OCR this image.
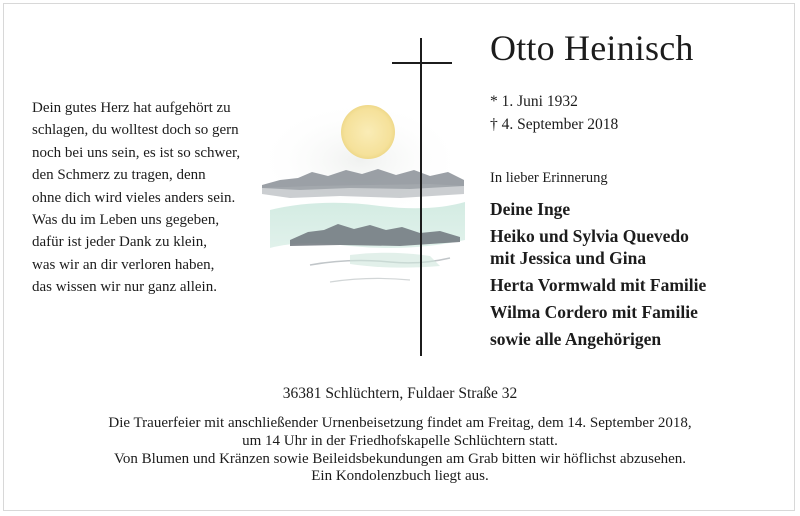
Dein gutes Herz hat aufgehört zu
schlagen, du wolltest doch so gern
noch bei uns sein, es ist so schwer,
den Schmerz zu tragen, denn
ohne dich wird vieles anders sein.
Was du im Leben uns gegeben,
dafür ist jeder Dank zu klein,
was wir an dir verloren haben,
das wissen wir nur ganz allein.
Otto Heinisch
* 1. Juni 1932
† 4. September 2018
In lieber Erinnerung
Deine Inge
Heiko und Sylvia Quevedo
mit Jessica und Gina
Herta Vormwald mit Familie
Wilma Cordero mit Familie
sowie alle Angehörigen
36381 Schlüchtern, Fuldaer Straße 32
Die Trauerfeier mit anschließender Urnenbeisetzung findet am Freitag, dem 14. September 2018,
um 14 Uhr in der Friedhofskapelle Schlüchtern statt.
Von Blumen und Kränzen sowie Beileidsbekundungen am Grab bitten wir höflichst abzusehen.
Ein Kondolenzbuch liegt aus.
